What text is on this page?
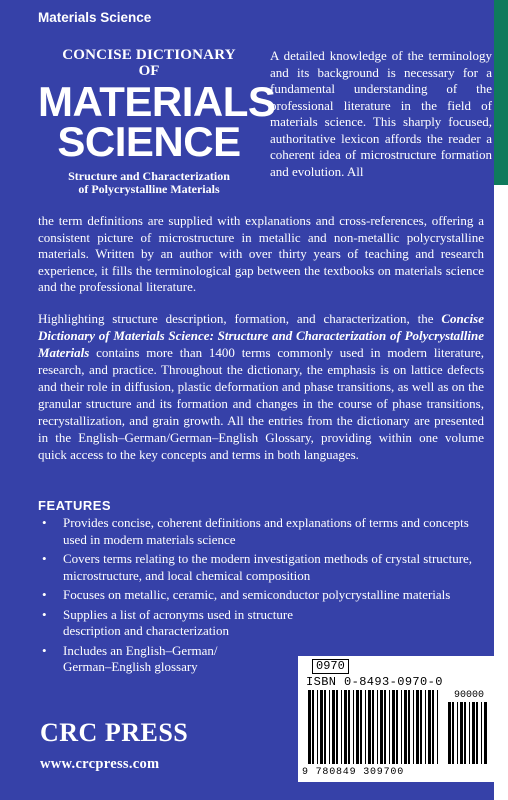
Materials Science
CONCISE DICTIONARY
OF
MATERIALS
SCIENCE
Structure and Characterization
of Polycrystalline Materials
A detailed knowledge of the terminology and its background is necessary for a fundamental understanding of the professional literature in the field of materials science. This sharply focused, authoritative lexicon affords the reader a coherent idea of microstructure formation and evolution. All
the term definitions are supplied with explanations and cross-references, offering a consistent picture of microstructure in metallic and non-metallic polycrystalline materials. Written by an author with over thirty years of teaching and research experience, it fills the terminological gap between the textbooks on materials science and the professional literature.
Highlighting structure description, formation, and characterization, the Concise Dictionary of Materials Science: Structure and Characterization of Polycrystalline Materials contains more than 1400 terms commonly used in modern literature, research, and practice. Throughout the dictionary, the emphasis is on lattice defects and their role in diffusion, plastic deformation and phase transitions, as well as on the granular structure and its formation and changes in the course of phase transitions, recrystallization, and grain growth. All the entries from the dictionary are presented in the English–German/German–English Glossary, providing within one volume quick access to the key concepts and terms in both languages.
FEATURES
• Provides concise, coherent definitions and explanations of terms and concepts used in modern materials science
• Covers terms relating to the modern investigation methods of crystal structure, microstructure, and local chemical composition
• Focuses on metallic, ceramic, and semiconductor polycrystalline materials
• Supplies a list of acronyms used in structure description and characterization
• Includes an English–German/ German–English glossary	0970
ISBN 0-8493-0970-0
90000
9 780849 309700
CRC PRESS
www.crcpress.com
